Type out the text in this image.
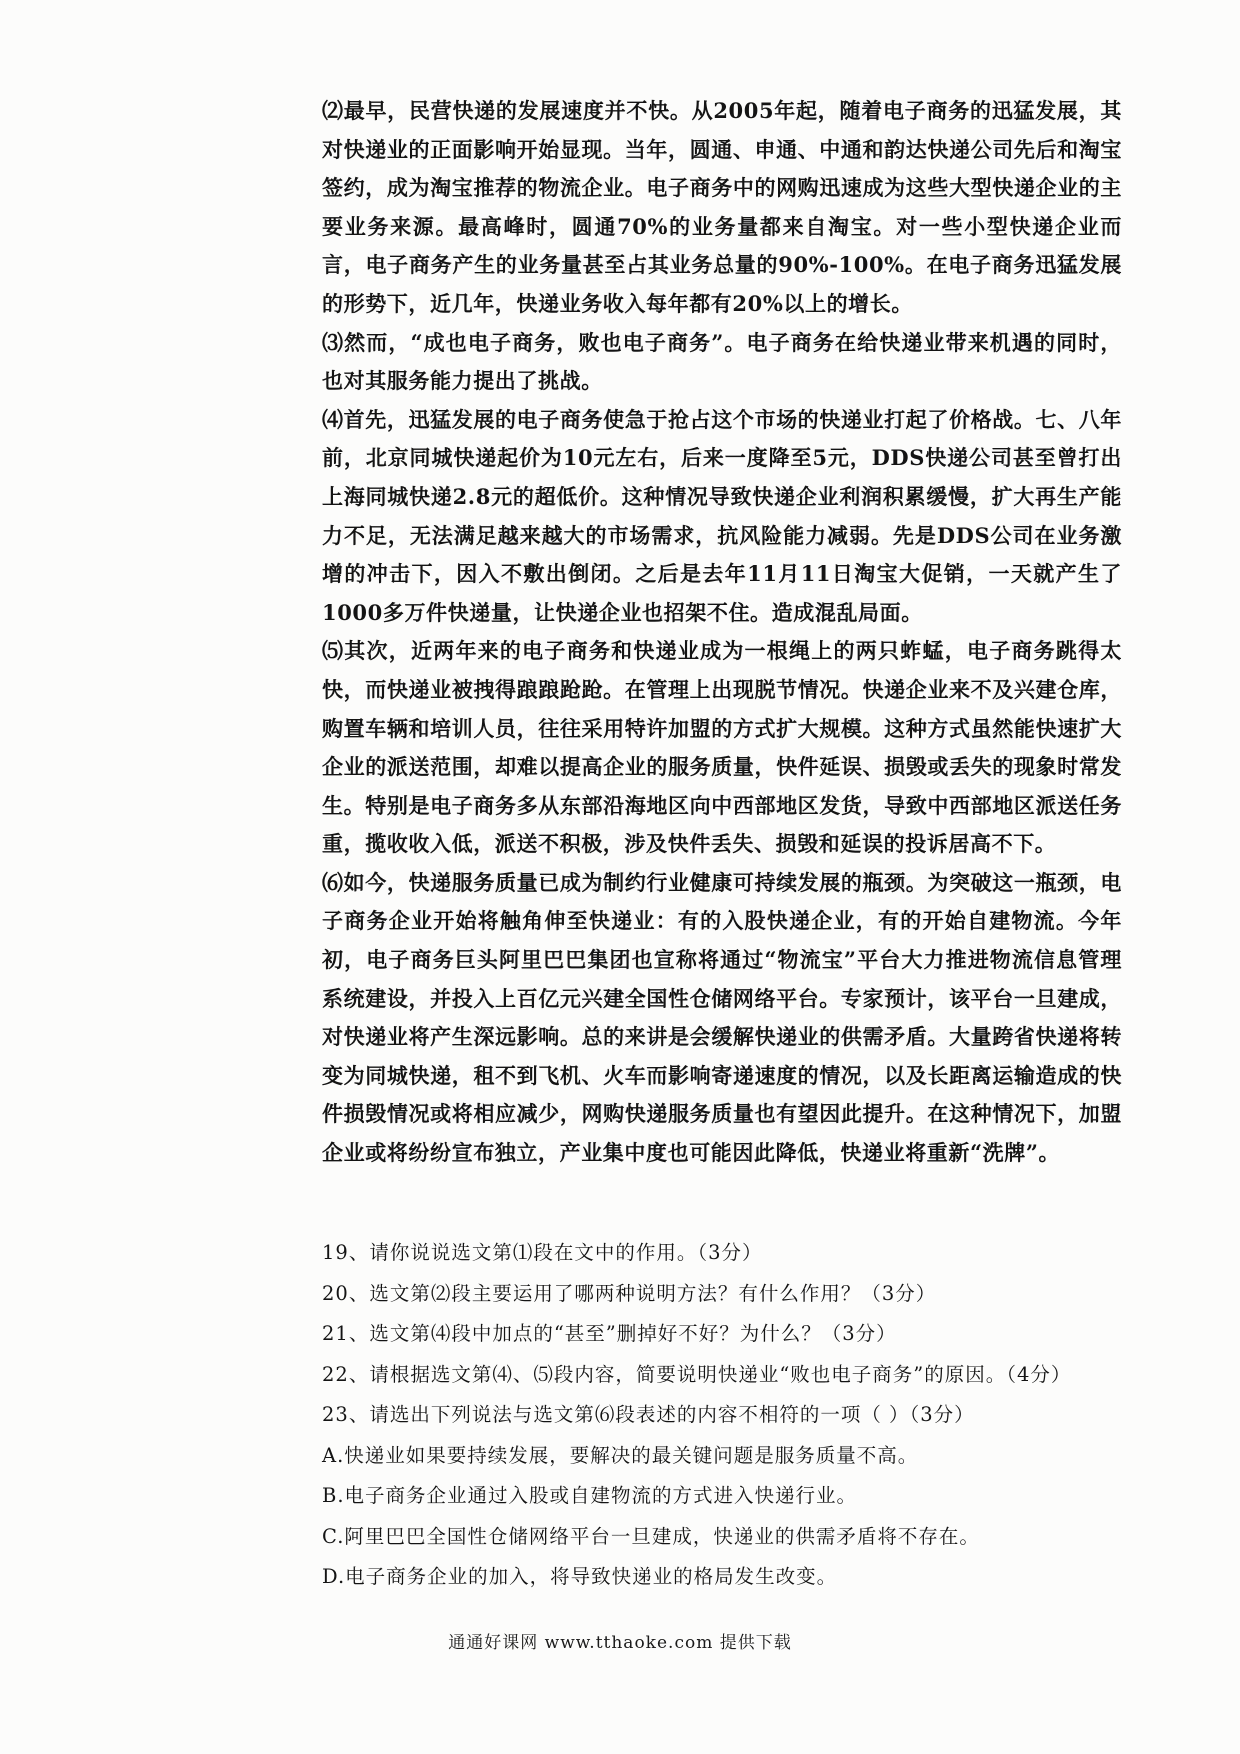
⑵最早，民营快递的发展速度并不快。从2005年起，随着电子商务的迅猛发展，其对快递业的正面影响开始显现。当年，圆通、申通、中通和韵达快递公司先后和淘宝签约，成为淘宝推荐的物流企业。电子商务中的网购迅速成为这些大型快递企业的主要业务来源。最高峰时，圆通70%的业务量都来自淘宝。对一些小型快递企业而言，电子商务产生的业务量甚至占其业务总量的90%-100%。在电子商务迅猛发展的形势下，近几年，快递业务收入每年都有20%以上的增长。

⑶然而，“成也电子商务，败也电子商务”。电子商务在给快递业带来机遇的同时，也对其服务能力提出了挑战。

⑷首先，迅猛发展的电子商务使急于抢占这个市场的快递业打起了价格战。七、八年前，北京同城快递起价为10元左右，后来一度降至5元，DDS快递公司甚至曾打出上海同城快递2.8元的超低价。这种情况导致快递企业利润积累缓慢，扩大再生产能力不足，无法满足越来越大的市场需求，抗风险能力减弱。先是DDS公司在业务激增的冲击下，因入不敷出倒闭。之后是去年11月11日淘宝大促销，一天就产生了1000多万件快递量，让快递企业也招架不住。造成混乱局面。

⑸其次，近两年来的电子商务和快递业成为一根绳上的两只蚱蜢，电子商务跳得太快，而快递业被拽得踉踉跄跄。在管理上出现脱节情况。快递企业来不及兴建仓库，购置车辆和培训人员，往往采用特许加盟的方式扩大规模。这种方式虽然能快速扩大企业的派送范围，却难以提高企业的服务质量，快件延误、损毁或丢失的现象时常发生。特别是电子商务多从东部沿海地区向中西部地区发货，导致中西部地区派送任务重，揽收收入低，派送不积极，涉及快件丢失、损毁和延误的投诉居高不下。

⑹如今，快递服务质量已成为制约行业健康可持续发展的瓶颈。为突破这一瓶颈，电子商务企业开始将触角伸至快递业：有的入股快递企业，有的开始自建物流。今年初，电子商务巨头阿里巴巴集团也宣称将通过“物流宝”平台大力推进物流信息管理系统建设，并投入上百亿元兴建全国性仓储网络平台。专家预计，该平台一旦建成，对快递业将产生深远影响。总的来讲是会缓解快递业的供需矛盾。大量跨省快递将转变为同城快递，租不到飞机、火车而影响寄递速度的情况，以及长距离运输造成的快件损毁情况或将相应减少，网购快递服务质量也有望因此提升。在这种情况下，加盟企业或将纷纷宣布独立，产业集中度也可能因此降低，快递业将重新“洗牌”。

19、请你说说选文第⑴段在文中的作用。（3分）

20、选文第⑵段主要运用了哪两种说明方法？有什么作用？（3分）

21、选文第⑷段中加点的“甚至”删掉好不好？为什么？（3分）

22、请根据选文第⑷、⑸段内容，简要说明快递业“败也电子商务”的原因。（4分）

23、请选出下列说法与选文第⑹段表述的内容不相符的一项（ ）（3分）

A.快递业如果要持续发展，要解决的最关键问题是服务质量不高。

B.电子商务企业通过入股或自建物流的方式进入快递行业。

C.阿里巴巴全国性仓储网络平台一旦建成，快递业的供需矛盾将不存在。

D.电子商务企业的加入，将导致快递业的格局发生改变。

通通好课网 www.tthaoke.com 提供下载
